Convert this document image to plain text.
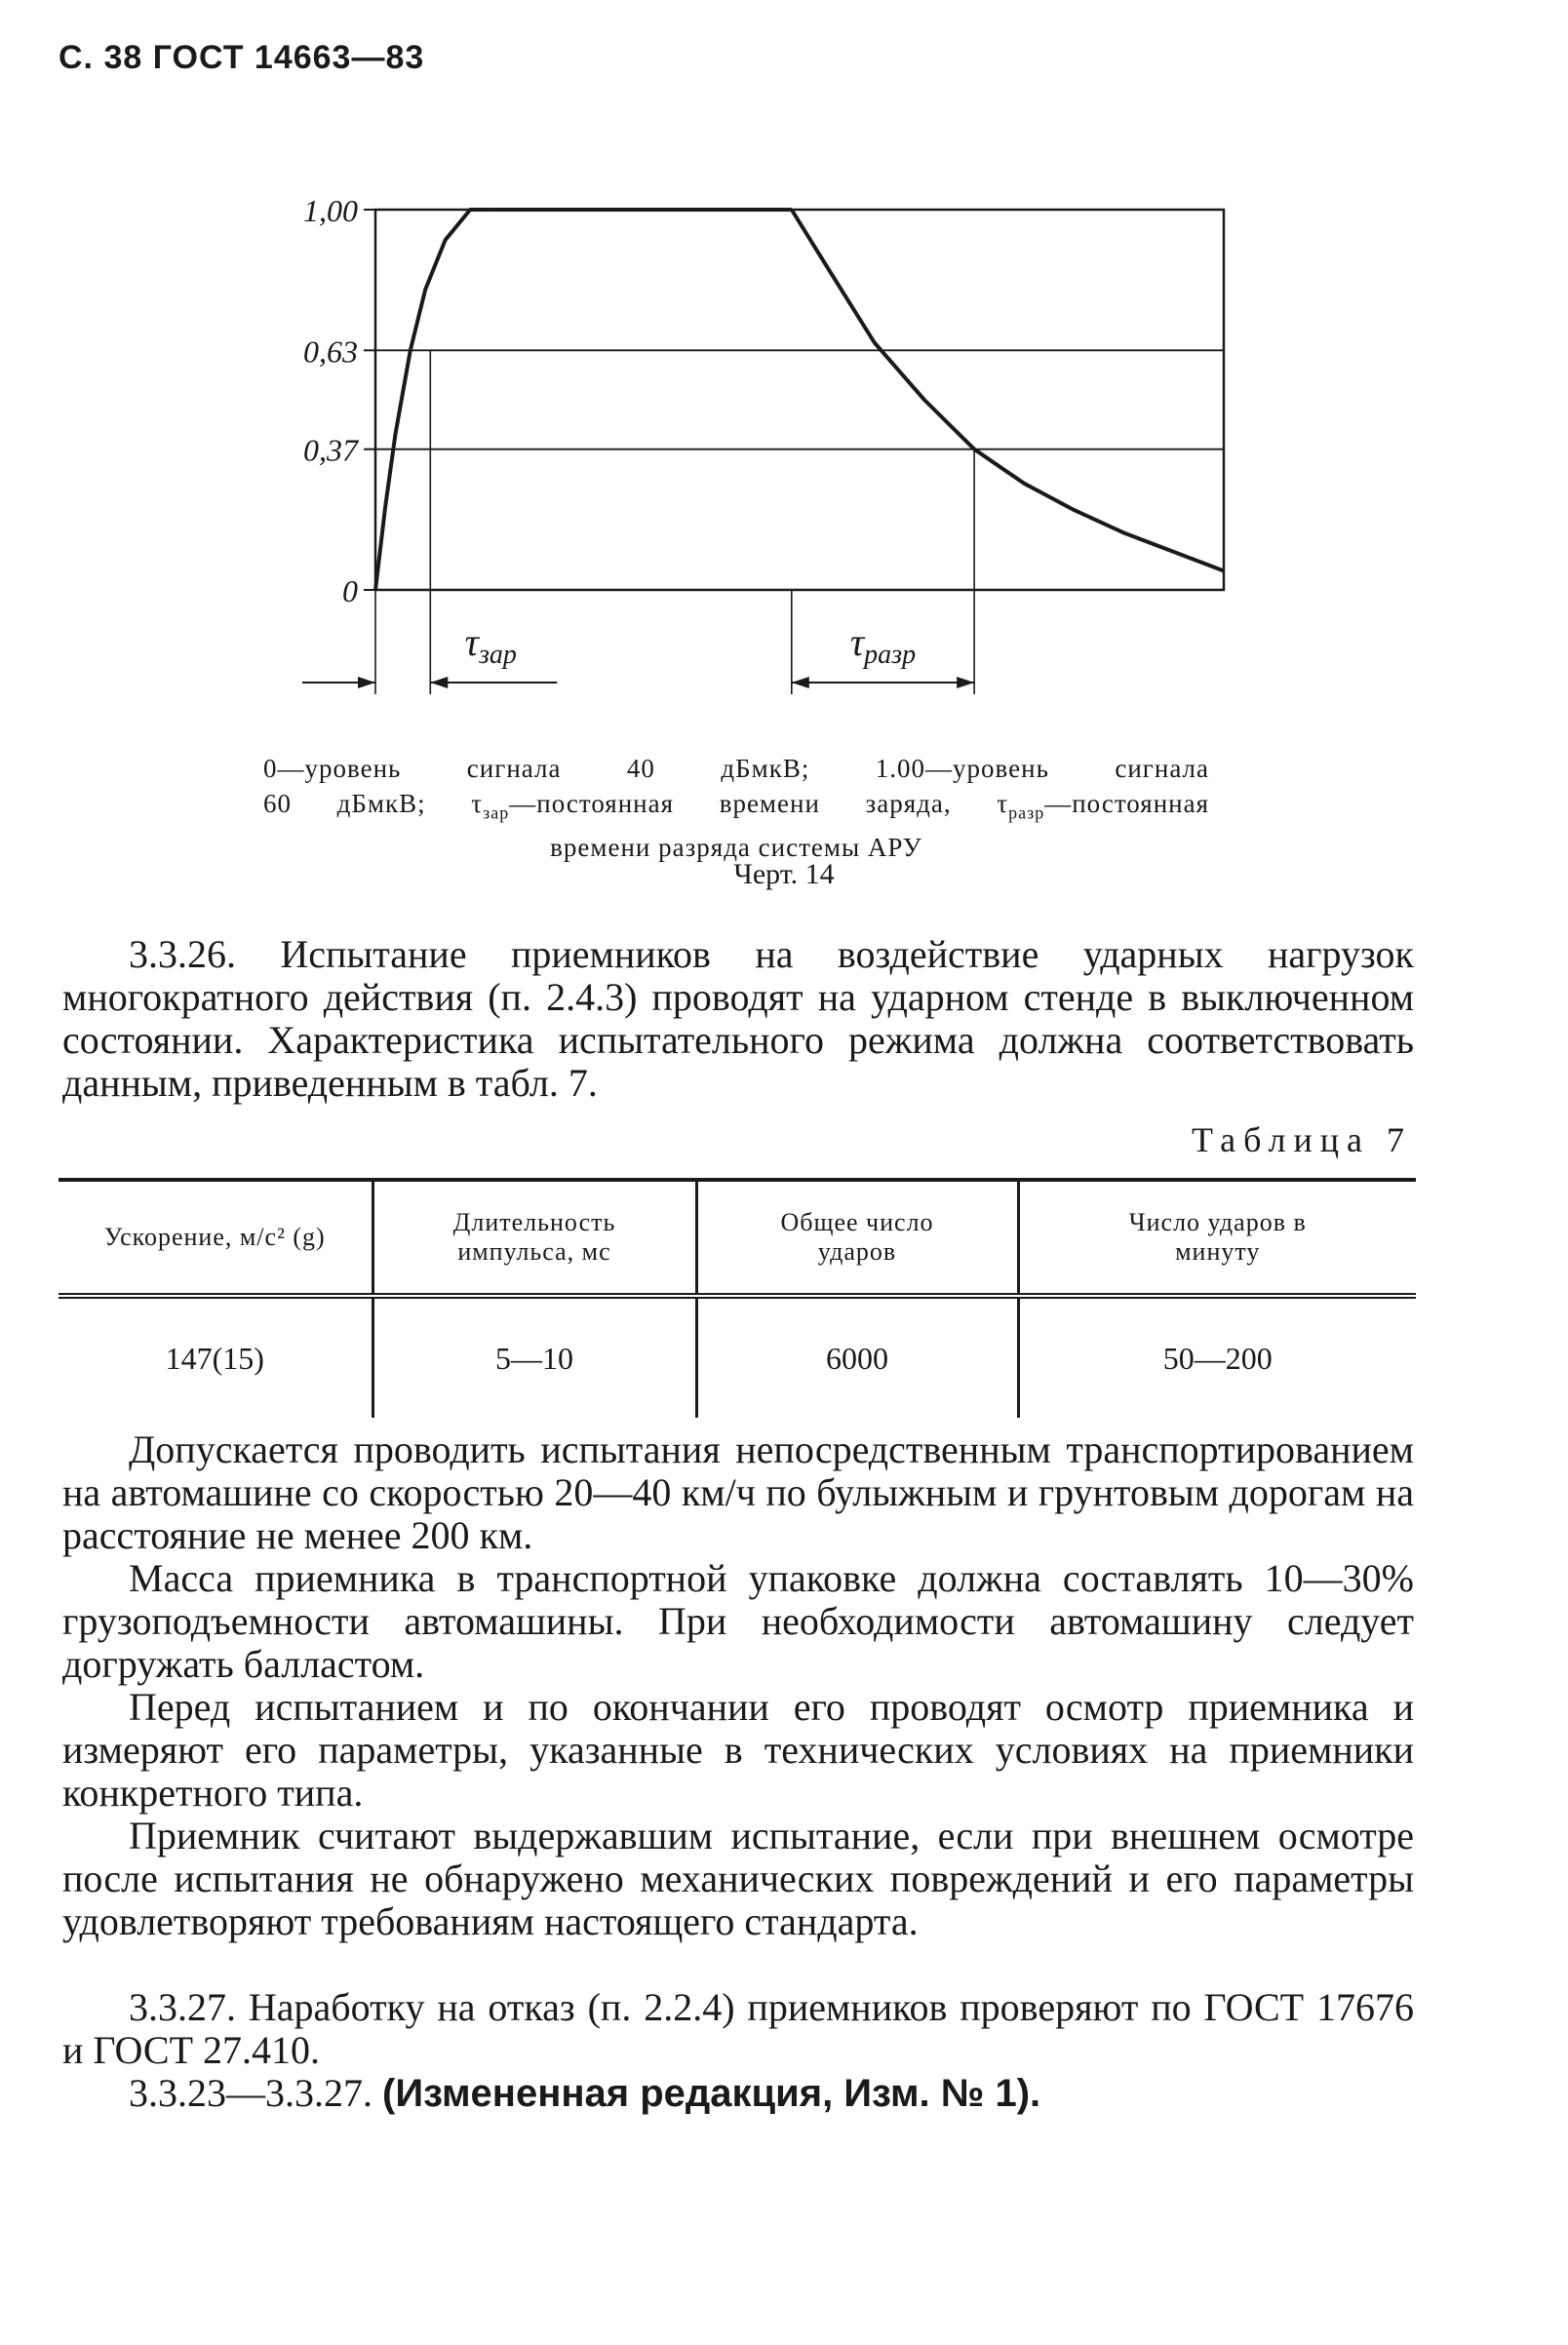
С. 38 ГОСТ 14663—83
1,00
0,63
0,37
0
$\tau_{зар}$	$\tau_{разр}$
0—уровень сигнала 40 дБмкВ; 1.00—уровень сигнала
60 дБмкВ; $\tau_{зар}—постоянная$ времени заряда, $\tau_{разр}—постоянная$
времени разряда системы АРУ
Черт. 14

3.3.26. Испытание приемников на воздействие ударных нагрузок многократного действия (п. 2.4.3) проводят на ударном стенде в выключенном состоянии. Характеристика испытательного режима должна соответствовать данным, приведенным в табл. 7.

Таблица 7
Ускорение, м/с² (g)	Длительность импульса, мс	Общее число ударов	Число ударов в минуту
147(15)	5—10	6000	50—200

Допускается проводить испытания непосредственным транспортированием на автомашине со скоростью 20—40 км/ч по булыжным и грунтовым дорогам на расстояние не менее 200 км.

Масса приемника в транспортной упаковке должна составлять 10—30% грузоподъемности автомашины. При необходимости автомашину следует догружать балластом.

Перед испытанием и по окончании его проводят осмотр приемника и измеряют его параметры, указанные в технических условиях на приемники конкретного типа.

Приемник считают выдержавшим испытание, если при внешнем осмотре после испытания не обнаружено механических повреждений и его параметры удовлетворяют требованиям настоящего стандарта.

3.3.27. Наработку на отказ (п. 2.2.4) приемников проверяют по ГОСТ 17676 и ГОСТ 27.410.

3.3.23—3.3.27. (Измененная редакция, Изм. № 1).
